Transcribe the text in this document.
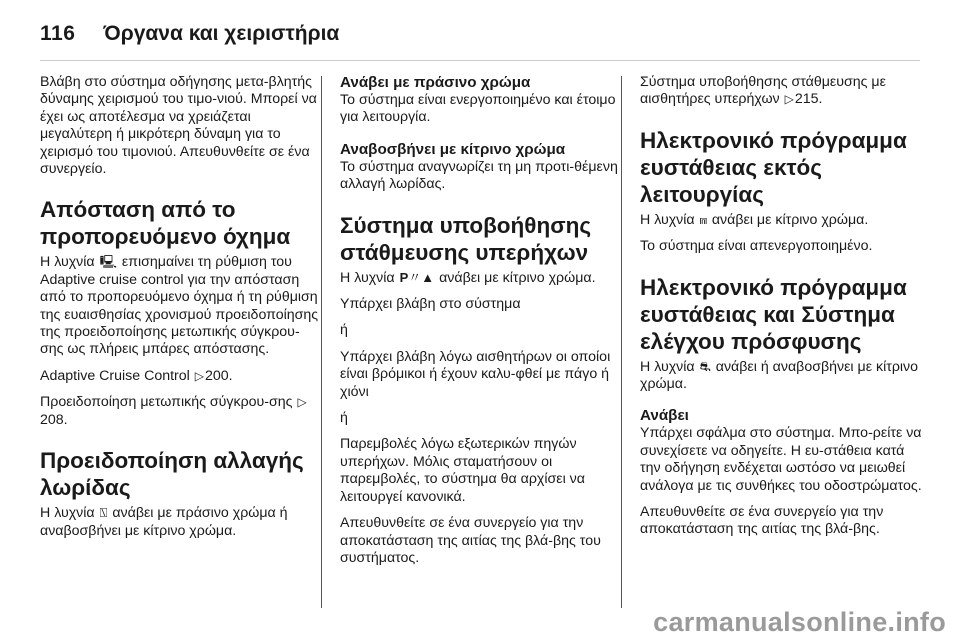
116 Όργανα και χειριστήρια

Βλάβη στο σύστημα οδήγησης μετα-βλητής δύναμης χειρισμού του τιμο-νιού. Μπορεί να έχει ως αποτέλεσμα να χρειάζεται μεγαλύτερη ή μικρότερη δύναμη για το χειρισμό του τιμονιού. Απευθυνθείτε σε ένα συνεργείο.

Απόσταση από το προπορευόμενο όχημα

Η λυχνία 🖳 επισημαίνει τη ρύθμιση του Adaptive cruise control για την απόσταση από το προπορευόμενο όχημα ή τη ρύθμιση της ευαισθησίας χρονισμού προειδοποίησης της προειδοποίησης μετωπικής σύγκρου-σης ως πλήρεις μπάρες απόστασης.

Adaptive Cruise Control ▷200.

Προειδοποίηση μετωπικής σύγκρου-σης ▷208.

Προειδοποίηση αλλαγής λωρίδας

Η λυχνία ⍂ ανάβει με πράσινο χρώμα ή αναβοσβήνει με κίτρινο χρώμα.

Ανάβει με πράσινο χρώμα

Το σύστημα είναι ενεργοποιημένο και έτοιμο για λειτουργία.

Αναβοσβήνει με κίτρινο χρώμα

Το σύστημα αναγνωρίζει τη μη προτι-θέμενη αλλαγή λωρίδας.

Σύστημα υποβοήθησης στάθμευσης υπερήχων

Η λυχνία P〃▲ ανάβει με κίτρινο χρώμα.

Υπάρχει βλάβη στο σύστημα

ή

Υπάρχει βλάβη λόγω αισθητήρων οι οποίοι είναι βρόμικοι ή έχουν καλυ-φθεί με πάγο ή χιόνι

ή

Παρεμβολές λόγω εξωτερικών πηγών υπερήχων. Μόλις σταματήσουν οι παρεμβολές, το σύστημα θα αρχίσει να λειτουργεί κανονικά.

Απευθυνθείτε σε ένα συνεργείο για την αποκατάσταση της αιτίας της βλά-βης του συστήματος.

Σύστημα υποβοήθησης στάθμευσης με αισθητήρες υπερήχων ▷215.

Ηλεκτρονικό πρόγραμμα ευστάθειας εκτός λειτουργίας

Η λυχνία ⩎ ανάβει με κίτρινο χρώμα.

Το σύστημα είναι απενεργοποιημένο.

Ηλεκτρονικό πρόγραμμα ευστάθειας και Σύστημα ελέγχου πρόσφυσης

Η λυχνία ⛐ ανάβει ή αναβοσβήνει με κίτρινο χρώμα.

Ανάβει

Υπάρχει σφάλμα στο σύστημα. Μπο-ρείτε να συνεχίσετε να οδηγείτε. Η ευ-στάθεια κατά την οδήγηση ενδέχεται ωστόσο να μειωθεί ανάλογα με τις συνθήκες του οδοστρώματος.

Απευθυνθείτε σε ένα συνεργείο για την αποκατάσταση της αιτίας της βλά-βης.

carmanualsonline.info
